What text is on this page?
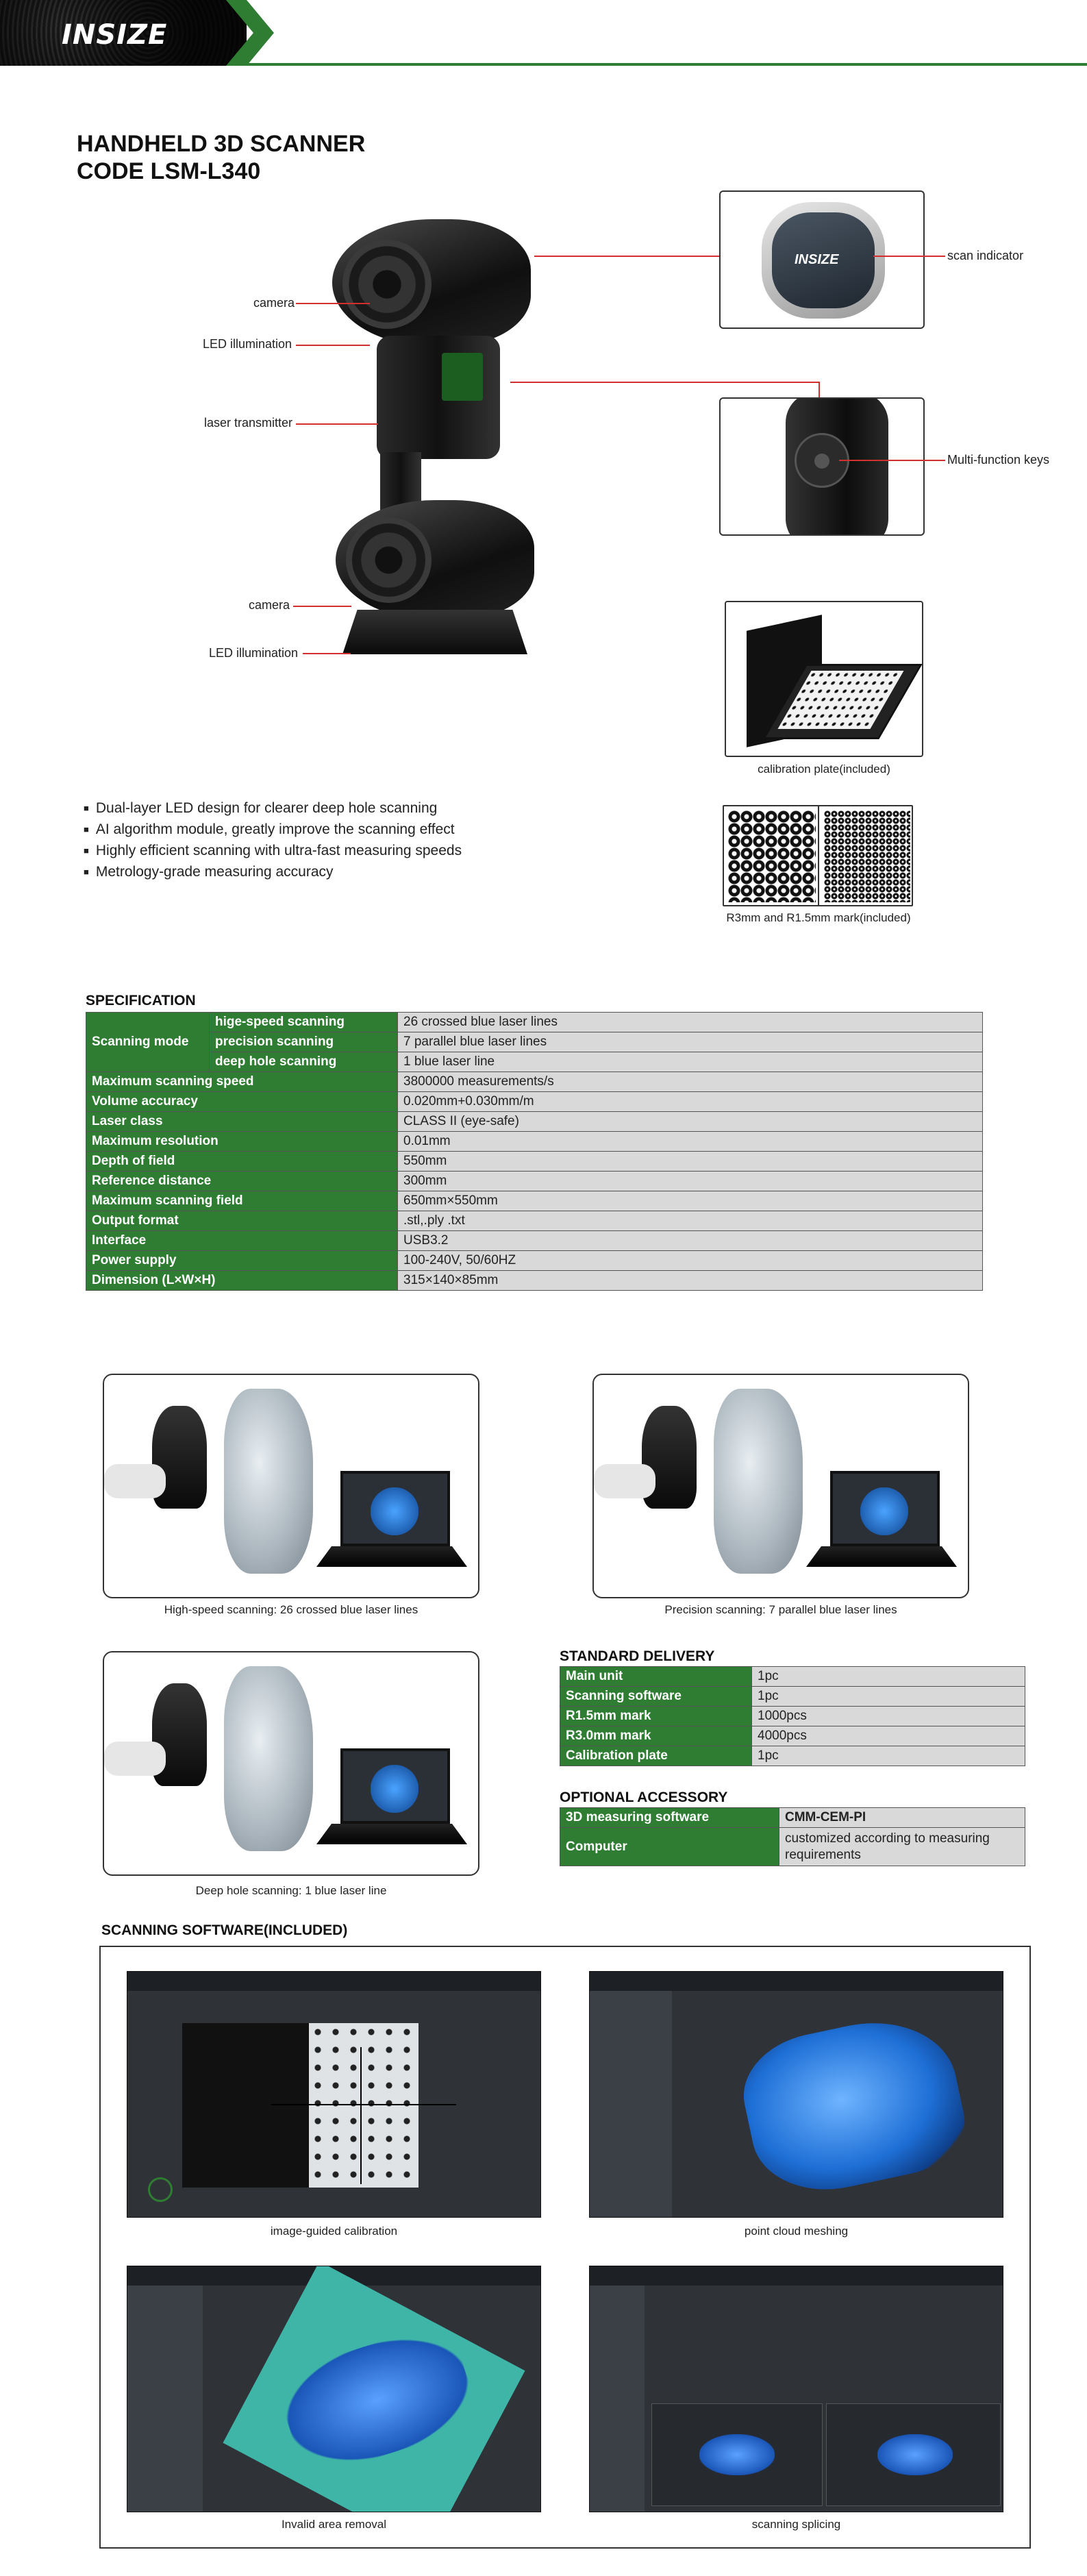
INSIZE
HANDHELD 3D SCANNER
CODE LSM-L340
camera
LED illumination
laser transmitter
camera
LED illumination
INSIZE	scan indicator
Multi-function keys
calibration plate(included)
R3mm and R1.5mm mark(included)
■ Dual-layer LED design for clearer deep hole scanning
■ AI algorithm module, greatly improve the scanning effect
■ Highly efficient scanning with ultra-fast measuring speeds
■ Metrology-grade measuring accuracy
SPECIFICATION
Scanning mode	hige-speed scanning	26 crossed blue laser lines
	precision scanning	7 parallel blue laser lines
	deep hole scanning	1 blue laser line
Maximum scanning speed		3800000 measurements/s
Volume accuracy		0.020mm+0.030mm/m
Laser class		CLASS II (eye-safe)
Maximum resolution		0.01mm
Depth of field		550mm
Reference distance		300mm
Maximum scanning field		650mm×550mm
Output format		.stl,.ply .txt
Interface		USB3.2
Power supply		100-240V, 50/60HZ
Dimension (L×W×H)		315×140×85mm
High-speed scanning: 26 crossed blue laser lines	Precision scanning: 7 parallel blue laser lines
Deep hole scanning: 1 blue laser line
STANDARD DELIVERY
Main unit	1pc
Scanning software	1pc
R1.5mm mark	1000pcs
R3.0mm mark	4000pcs
Calibration plate	1pc
OPTIONAL ACCESSORY
3D measuring software	CMM-CEM-PI
Computer	customized according to measuring requirements
SCANNING SOFTWARE(INCLUDED)
image-guided calibration	point cloud meshing
Invalid area removal	scanning splicing
